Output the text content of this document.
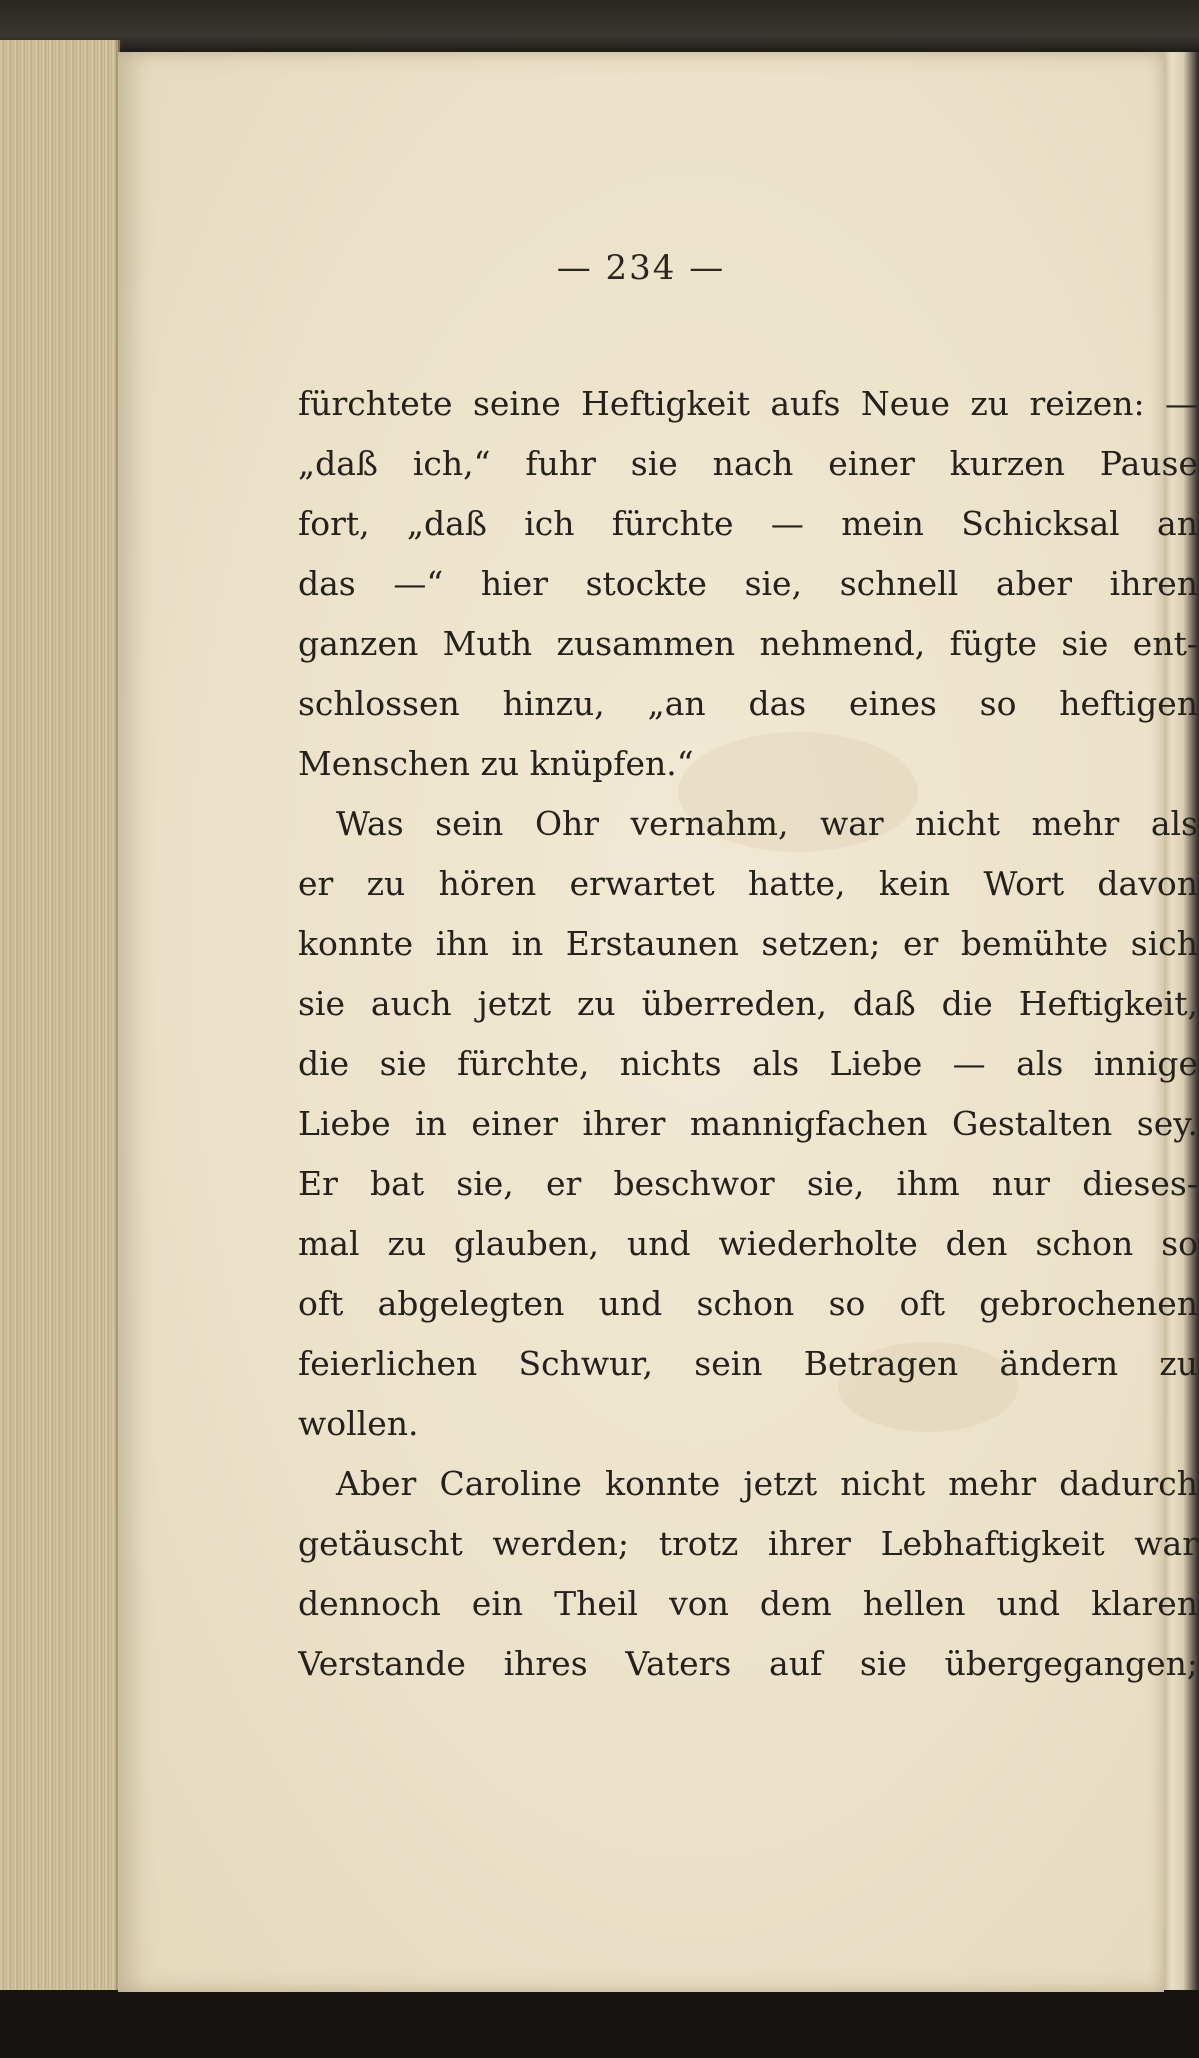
— 234 —
fürchtete seine Heftigkeit aufs Neue zu reizen: —
„daß ich,“ fuhr sie nach einer kurzen Pause
fort, „daß ich fürchte — mein Schicksal an
das —“ hier stockte sie, schnell aber ihren
ganzen Muth zusammen nehmend, fügte sie ent-
schlossen hinzu, „an das eines so heftigen
Menschen zu knüpfen.“
Was sein Ohr vernahm, war nicht mehr als
er zu hören erwartet hatte, kein Wort davon
konnte ihn in Erstaunen setzen; er bemühte sich
sie auch jetzt zu überreden, daß die Heftigkeit,
die sie fürchte, nichts als Liebe — als innige
Liebe in einer ihrer mannigfachen Gestalten sey.
Er bat sie, er beschwor sie, ihm nur dieses-
mal zu glauben, und wiederholte den schon so
oft abgelegten und schon so oft gebrochenen
feierlichen Schwur, sein Betragen ändern zu
wollen.
Aber Caroline konnte jetzt nicht mehr dadurch
getäuscht werden; trotz ihrer Lebhaftigkeit war
dennoch ein Theil von dem hellen und klaren
Verstande ihres Vaters auf sie übergegangen;
